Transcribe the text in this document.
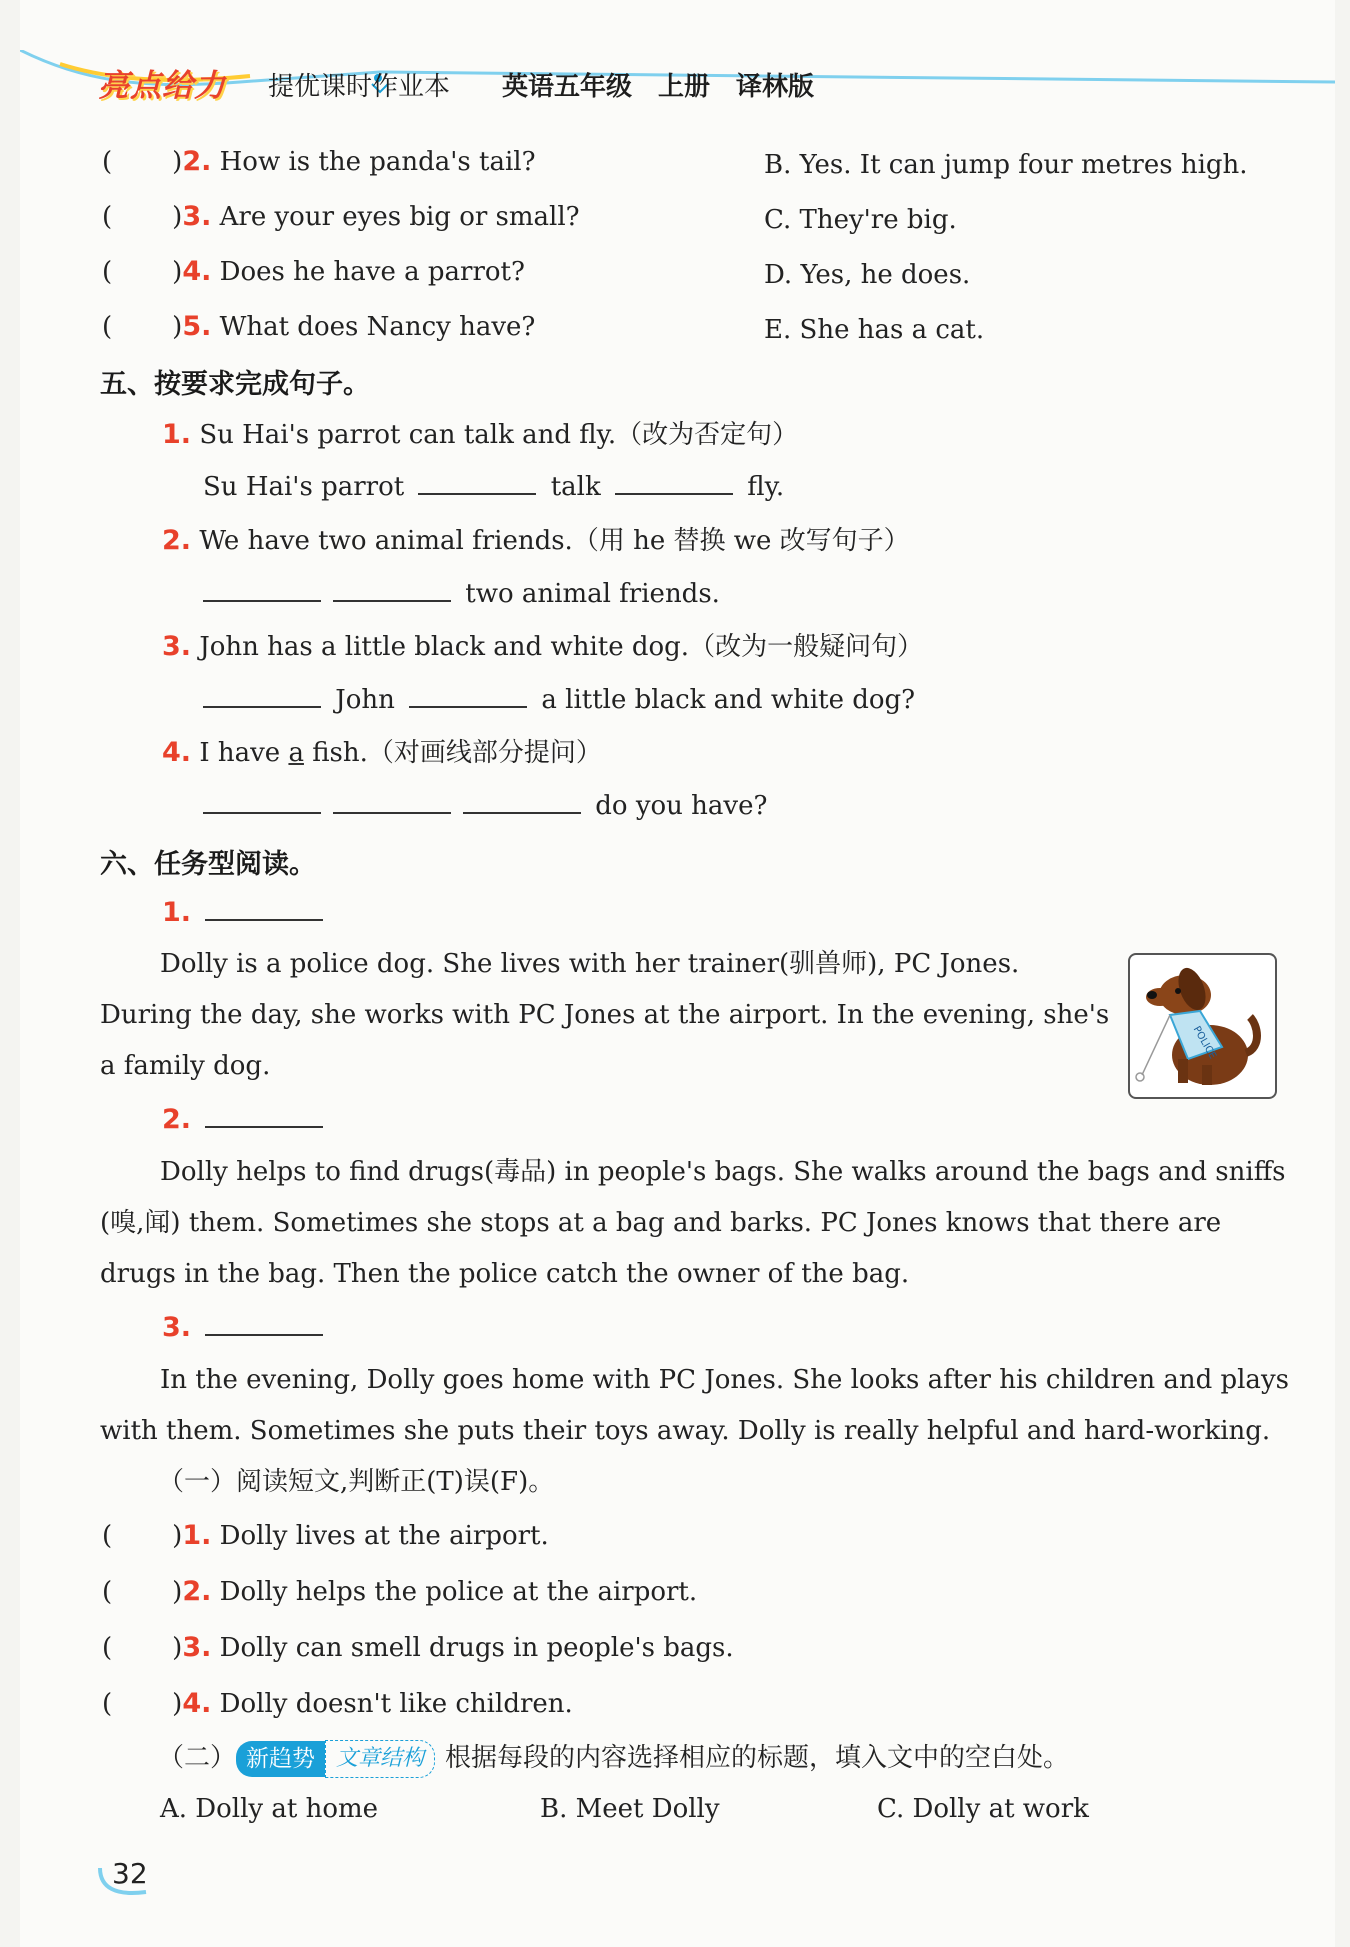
亮点给力 提优课时作业本 英语五年级 上册 译林版
( )2. How is the panda's tail?
( )3. Are your eyes big or small?
( )4. Does he have a parrot?
( )5. What does Nancy have?
B. Yes. It can jump four metres high.
C. They're big.
D. Yes, he does.
E. She has a cat.
五、按要求完成句子。
1. Su Hai's parrot can talk and fly.（改为否定句）
Su Hai's parrot	talk	fly.
2. We have two animal friends.（用 he 替换 we 改写句子）
two animal friends.
3. John has a little black and white dog.（改为一般疑问句）
John	a little black and white dog?
4. I have a fish.（对画线部分提问）
do you have?
六、任务型阅读。
1.
Dolly is a police dog. She lives with her trainer(驯兽师), PC Jones.
During the day, she works with PC Jones at the airport. In the evening, she's
a family dog.
POLICE
2.
Dolly helps to find drugs(毒品) in people's bags. She walks around the bags and sniffs
(嗅,闻) them. Sometimes she stops at a bag and barks. PC Jones knows that there are
drugs in the bag. Then the police catch the owner of the bag.
3.
In the evening, Dolly goes home with PC Jones. She looks after his children and plays
with them. Sometimes she puts their toys away. Dolly is really helpful and hard-working.
（一）阅读短文,判断正(T)误(F)。
( )1. Dolly lives at the airport.
( )2. Dolly helps the police at the airport.
( )3. Dolly can smell drugs in people's bags.
( )4. Dolly doesn't like children.
（二） 新趋势 文章结构 根据每段的内容选择相应的标题，填入文中的空白处。
A. Dolly at home	B. Meet Dolly	C. Dolly at work
32
